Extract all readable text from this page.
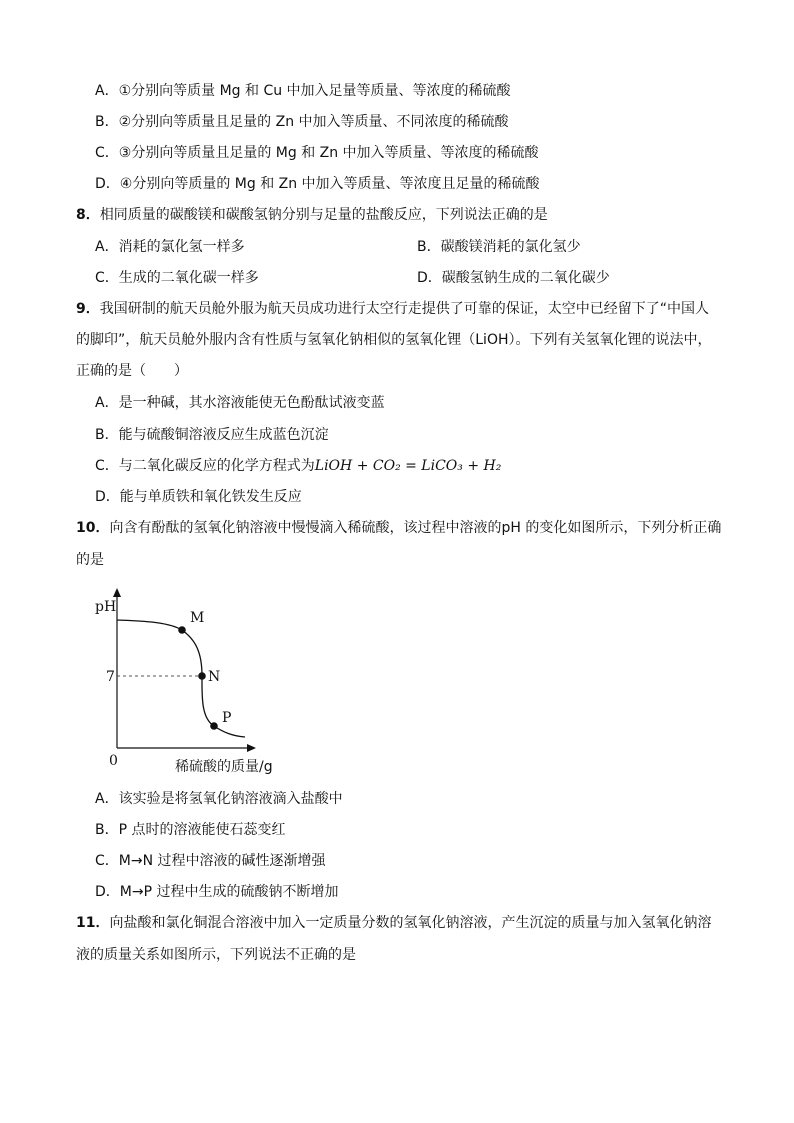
A．①分别向等质量 Mg 和 Cu 中加入足量等质量、等浓度的稀硫酸
B．②分别向等质量且足量的 Zn 中加入等质量、不同浓度的稀硫酸
C．③分别向等质量且足量的 Mg 和 Zn 中加入等质量、等浓度的稀硫酸
D．④分别向等质量的 Mg 和 Zn 中加入等质量、等浓度且足量的稀硫酸
8．相同质量的碳酸镁和碳酸氢钠分别与足量的盐酸反应，下列说法正确的是
A．消耗的氯化氢一样多	B．碳酸镁消耗的氯化氢少
C．生成的二氧化碳一样多	D．碳酸氢钠生成的二氧化碳少
9．我国研制的航天员舱外服为航天员成功进行太空行走提供了可靠的保证，太空中已经留下了“中国人
的脚印”，航天员舱外服内含有性质与氢氧化钠相似的氢氧化锂（LiOH）。下列有关氢氧化锂的说法中，
正确的是（　　）
A．是一种碱，其水溶液能使无色酚酞试液变蓝
B．能与硫酸铜溶液反应生成蓝色沉淀
C．与二氧化碳反应的化学方程式为LiOH + CO₂ = LiCO₃ + H₂
D．能与单质铁和氧化铁发生反应
10．向含有酚酞的氢氧化钠溶液中慢慢滴入稀硫酸，该过程中溶液的pH 的变化如图所示，下列分析正确
的是
pH
7
0
M
N
P
稀硫酸的质量/g
A．该实验是将氢氧化钠溶液滴入盐酸中
B．P 点时的溶液能使石蕊变红
C．M→N 过程中溶液的碱性逐渐增强
D．M→P 过程中生成的硫酸钠不断增加
11．向盐酸和氯化铜混合溶液中加入一定质量分数的氢氧化钠溶液，产生沉淀的质量与加入氢氧化钠溶
液的质量关系如图所示，下列说法不正确的是
